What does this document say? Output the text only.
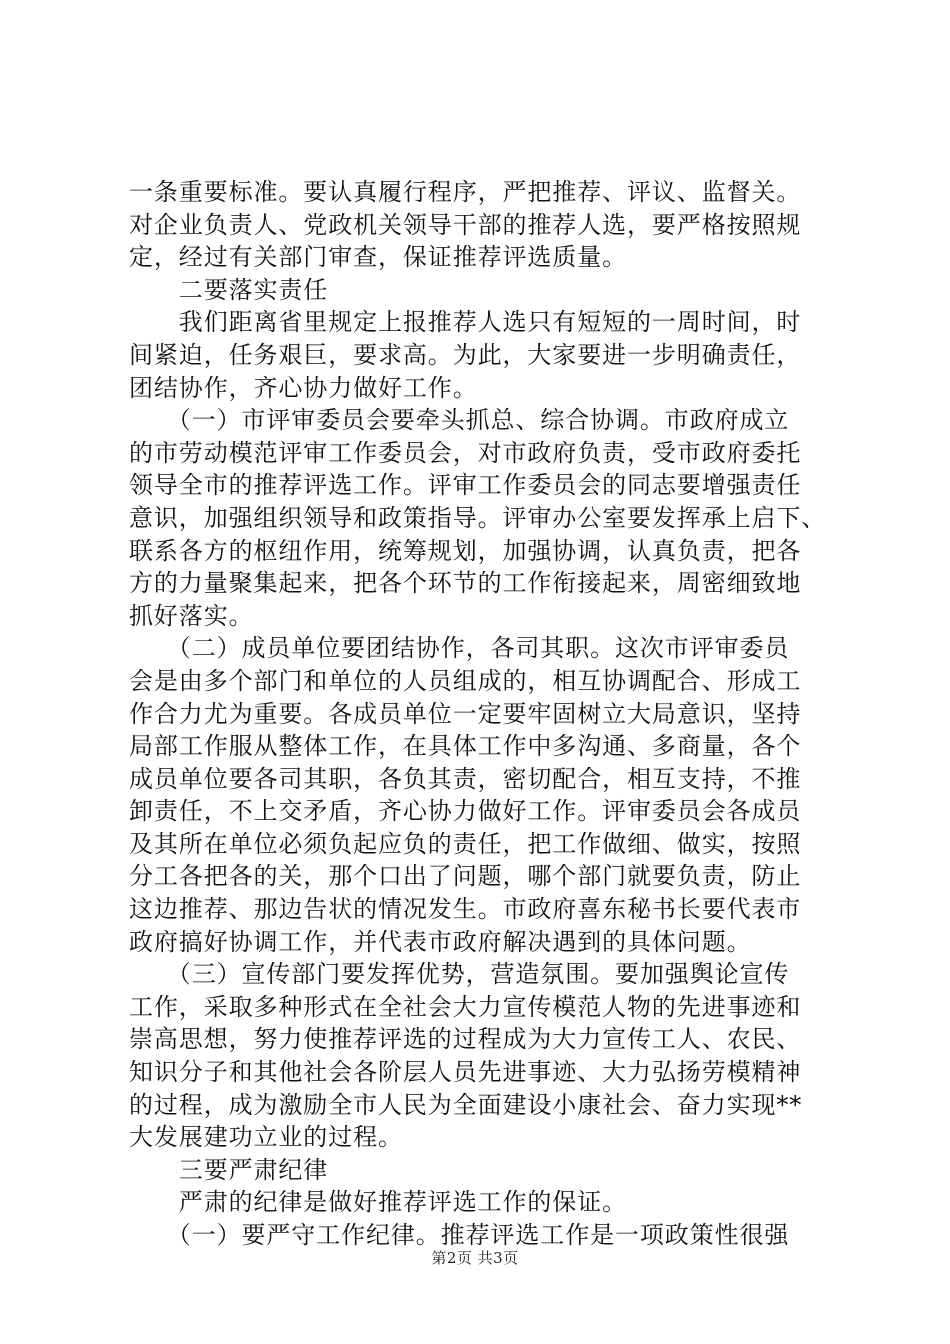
一条重要标准。要认真履行程序，严把推荐、评议、监督关。
对企业负责人、党政机关领导干部的推荐人选，要严格按照规
定，经过有关部门审查，保证推荐评选质量。
　　二要落实责任
　　我们距离省里规定上报推荐人选只有短短的一周时间，时
间紧迫，任务艰巨，要求高。为此，大家要进一步明确责任，
团结协作，齐心协力做好工作。
　　（一）市评审委员会要牵头抓总、综合协调。市政府成立
的市劳动模范评审工作委员会，对市政府负责，受市政府委托
领导全市的推荐评选工作。评审工作委员会的同志要增强责任
意识，加强组织领导和政策指导。评审办公室要发挥承上启下、
联系各方的枢纽作用，统筹规划，加强协调，认真负责，把各
方的力量聚集起来，把各个环节的工作衔接起来，周密细致地
抓好落实。
　　（二）成员单位要团结协作，各司其职。这次市评审委员
会是由多个部门和单位的人员组成的，相互协调配合、形成工
作合力尤为重要。各成员单位一定要牢固树立大局意识，坚持
局部工作服从整体工作，在具体工作中多沟通、多商量，各个
成员单位要各司其职，各负其责，密切配合，相互支持，不推
卸责任，不上交矛盾，齐心协力做好工作。评审委员会各成员
及其所在单位必须负起应负的责任，把工作做细、做实，按照
分工各把各的关，那个口出了问题，哪个部门就要负责，防止
这边推荐、那边告状的情况发生。市政府喜东秘书长要代表市
政府搞好协调工作，并代表市政府解决遇到的具体问题。
　　（三）宣传部门要发挥优势，营造氛围。要加强舆论宣传
工作，采取多种形式在全社会大力宣传模范人物的先进事迹和
崇高思想，努力使推荐评选的过程成为大力宣传工人、农民、
知识分子和其他社会各阶层人员先进事迹、大力弘扬劳模精神
的过程，成为激励全市人民为全面建设小康社会、奋力实现**
大发展建功立业的过程。
　　三要严肃纪律
　　严肃的纪律是做好推荐评选工作的保证。
　　（一）要严守工作纪律。推荐评选工作是一项政策性很强
第2页 共3页
